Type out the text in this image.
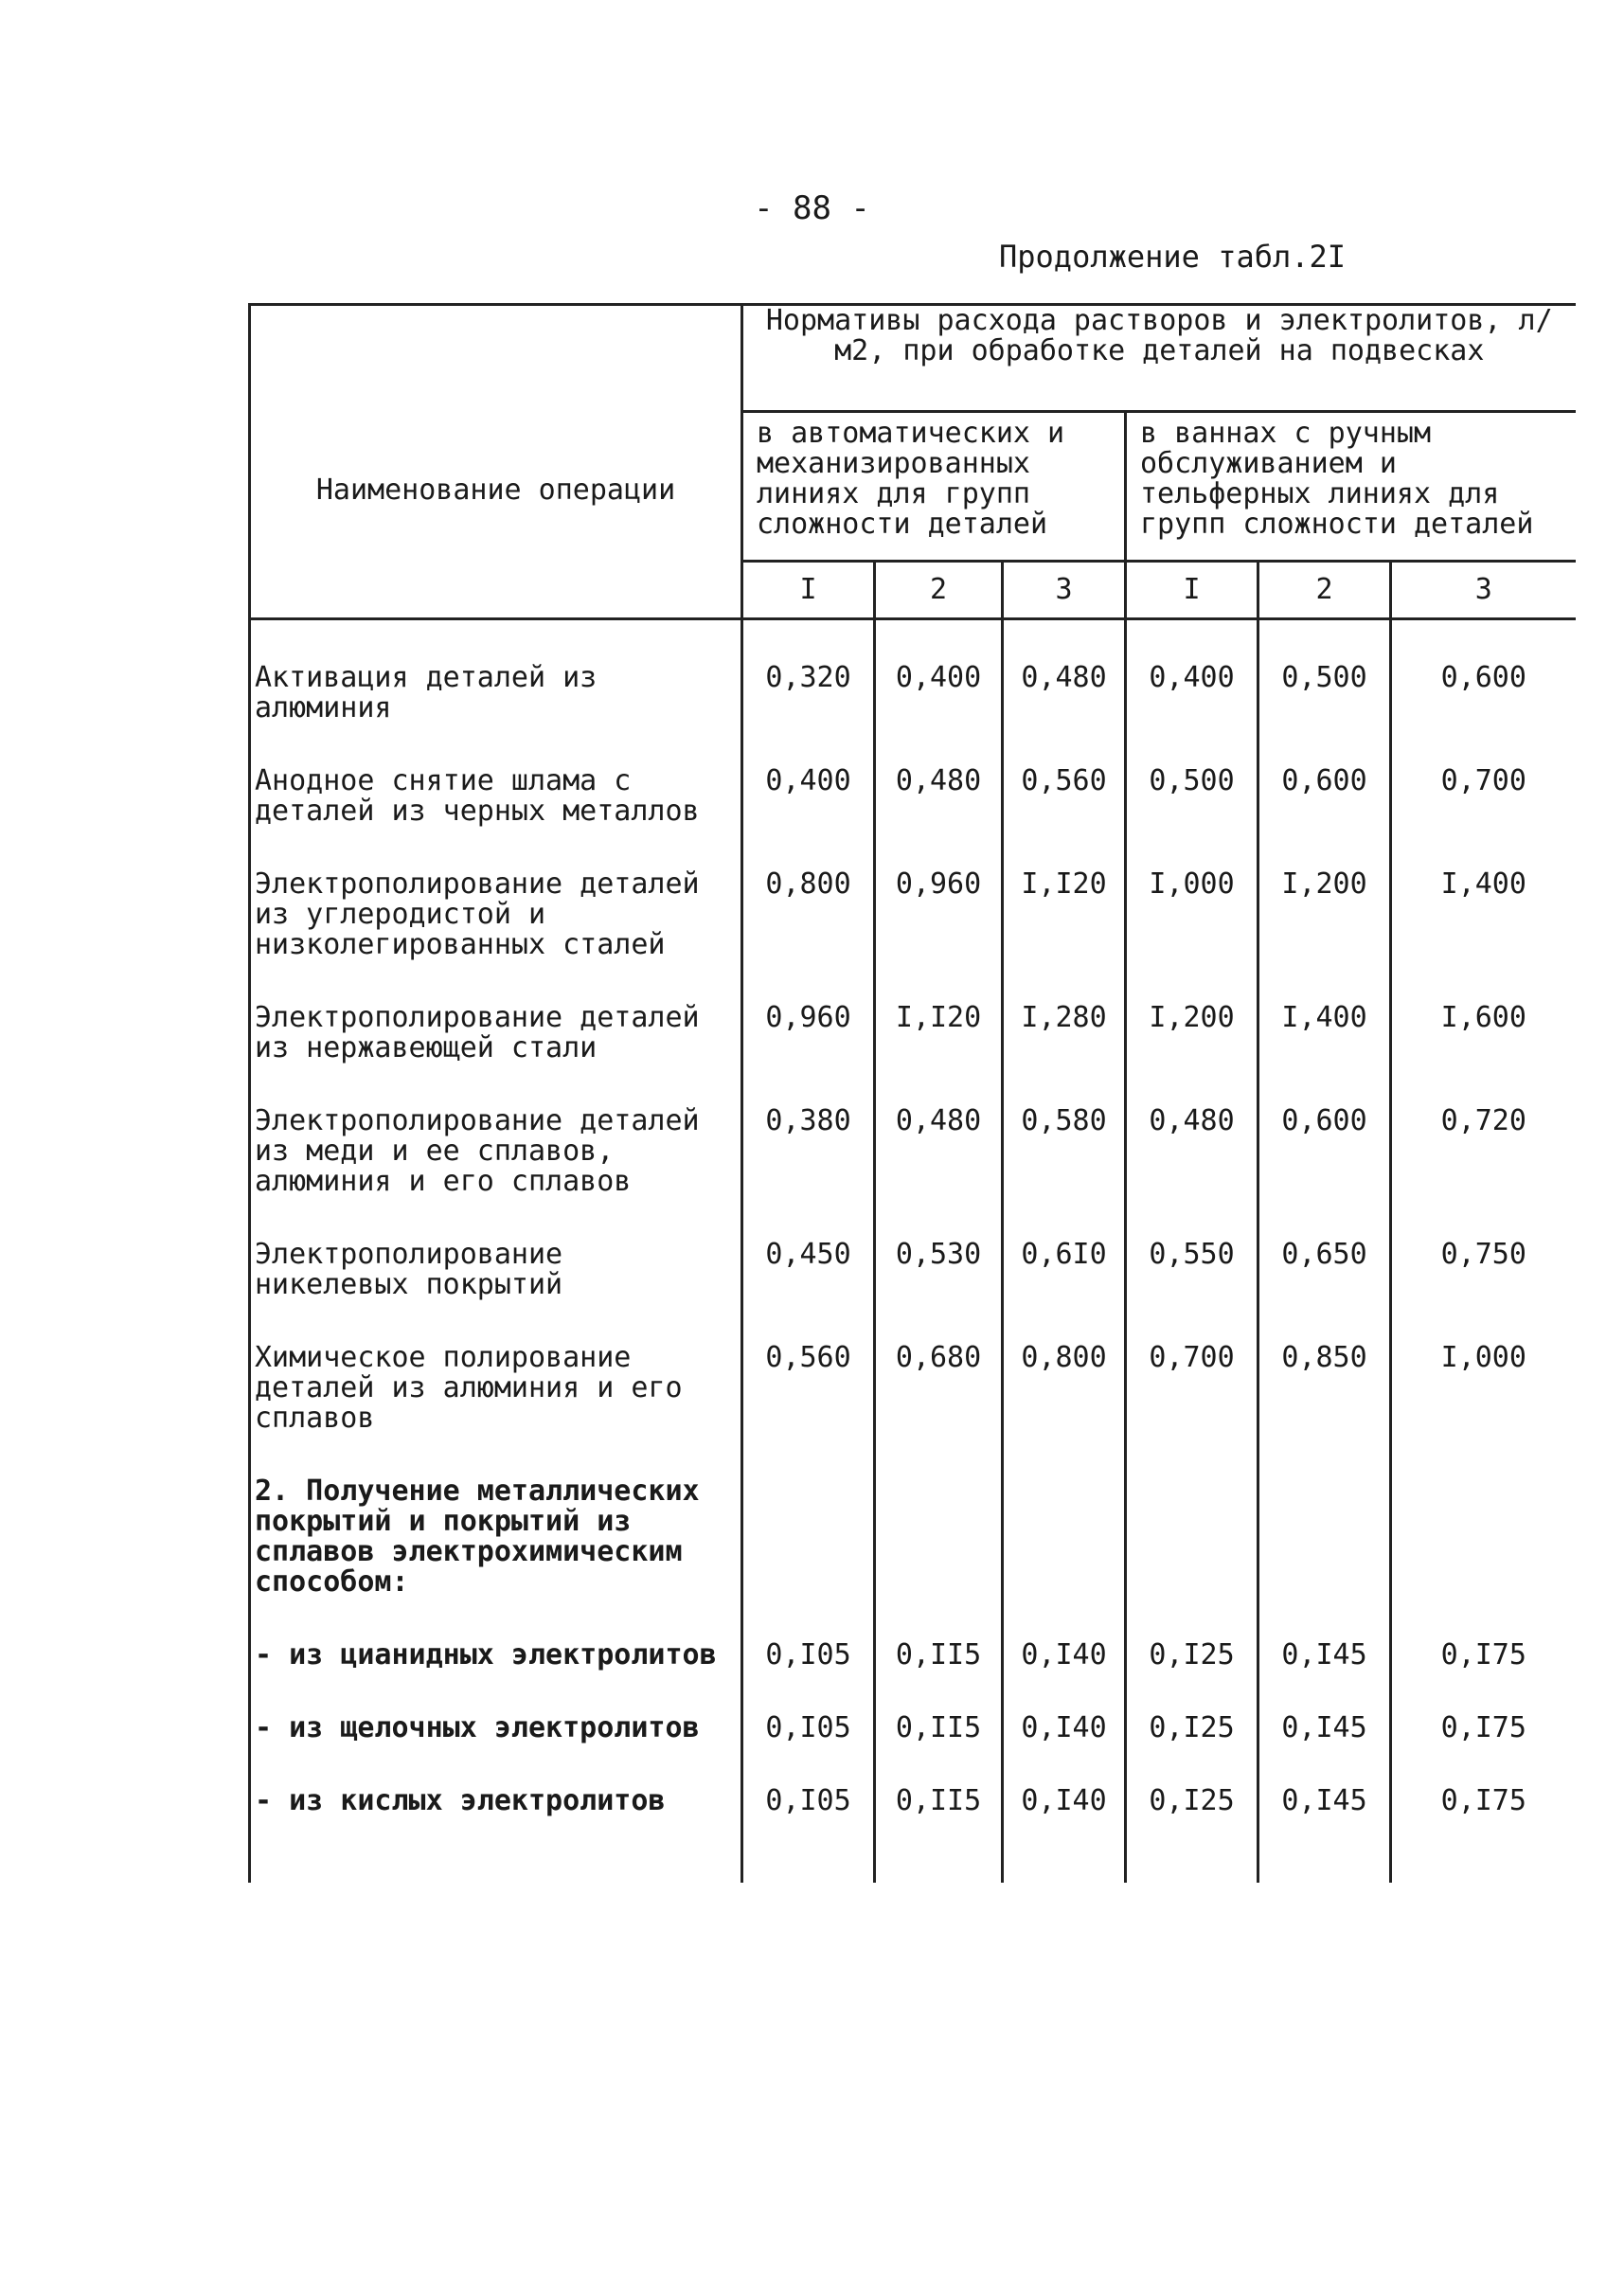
- 88 -
Продолжение табл.2I
Наименование операции	Нормативы расхода растворов и электролитов, л/м2, при обработке деталей на подвесках					
	в автоматических и механизированных линиях для групп сложности деталей			в ваннах с ручным обслуживанием и тельферных линиях для групп сложности деталей		
	I	2	3	I	2	3
Активация деталей из алюминия	0,320	0,400	0,480	0,400	0,500	0,600
Анодное снятие шлама с деталей из черных металлов	0,400	0,480	0,560	0,500	0,600	0,700
Электрополирование деталей из углеродистой и низколегированных сталей	0,800	0,960	I,I20	I,000	I,200	I,400
Электрополирование деталей из нержавеющей стали	0,960	I,I20	I,280	I,200	I,400	I,600
Электрополирование деталей из меди и ее сплавов, алюминия и его сплавов	0,380	0,480	0,580	0,480	0,600	0,720
Электрополирование никелевых покрытий	0,450	0,530	0,6I0	0,550	0,650	0,750
Химическое полирование деталей из алюминия и его сплавов	0,560	0,680	0,800	0,700	0,850	I,000
2. Получение металлических покрытий и покрытий из сплавов электрохимическим способом:						
- из цианидных электролитов	0,I05	0,II5	0,I40	0,I25	0,I45	0,I75
- из щелочных электролитов	0,I05	0,II5	0,I40	0,I25	0,I45	0,I75
- из кислых электролитов	0,I05	0,II5	0,I40	0,I25	0,I45	0,I75
